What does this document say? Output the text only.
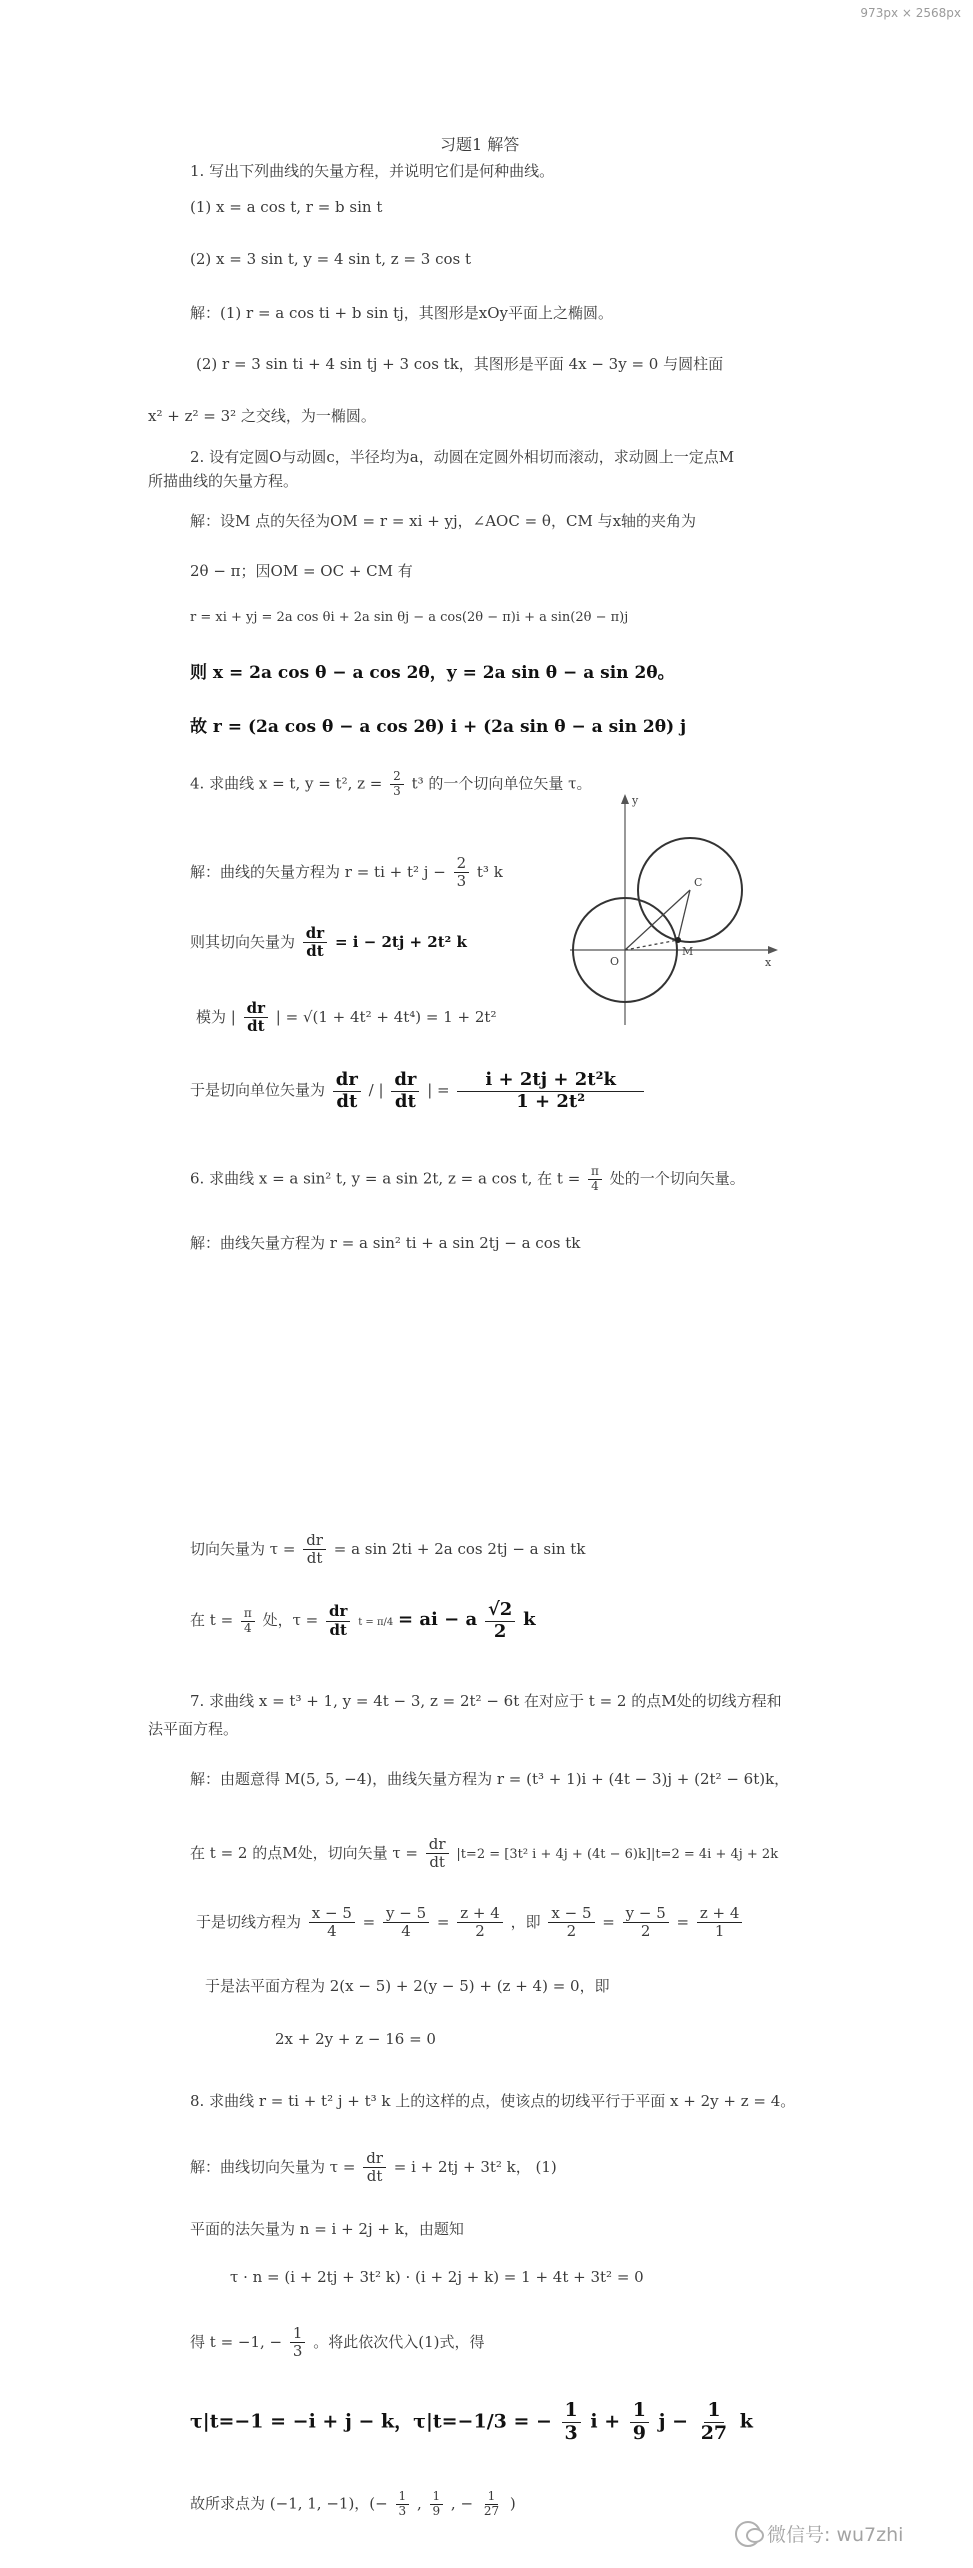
973px × 2568px
习题1 解答
1. 写出下列曲线的矢量方程，并说明它们是何种曲线。
(1) x = a cos t, r = b sin t
(2) x = 3 sin t, y = 4 sin t, z = 3 cos t
解：(1) r = a cos ti + b sin tj，其图形是xOy平面上之椭圆。
(2) r = 3 sin ti + 4 sin tj + 3 cos tk，其图形是平面 4x − 3y = 0 与圆柱面
x² + z² = 3² 之交线，为一椭圆。
2. 设有定圆O与动圆c，半径均为a，动圆在定圆外相切而滚动，求动圆上一定点M
所描曲线的矢量方程。
解：设M 点的矢径为OM = r = xi + yj，∠AOC = θ，CM 与x轴的夹角为
2θ − π；因OM = OC + CM 有
r = xi + yj = 2a cos θi + 2a sin θj − a cos(2θ − π)i + a sin(2θ − π)j
则 x = 2a cos θ − a cos 2θ，y = 2a sin θ − a sin 2θ。
故 r = (2a cos θ − a cos 2θ) i + (2a sin θ − a sin 2θ) j
4. 求曲线 x = t, y = t², $z = \frac{2}{3} t^3$ 的一个切向单位矢量 τ。
解：曲线的矢量方程为 r = ti + t² $j - \frac{2}{3} t^3$ k
则其切向矢量为 $\frac{dr}{dt} = i - 2tj + 2t^2$ k
模为 | $\frac{dr}{dt}$ | = √(1 + 4t² + 4t⁴) = 1 + 2t²
于是切向单位矢量为 $\frac{dr}{dt}$ / | $\frac{dr}{dt}$ | = $\frac{\text{i + 2tj + 2t²k}}{\text{1 + 2t²}}$
M
C
O	x
y
6. 求曲线 x = a sin² t, y = a sin 2t, z = a cos t, 在 $t = \frac{\pi}{4}$ 处的一个切向矢量。
解：曲线矢量方程为 r = a sin² ti + a sin 2tj − a cos tk
切向矢量为 $\tau = \frac{dr}{dt} = a$ sin 2ti + 2a cos 2tj − a sin tk
在 $t = \frac{\pi}{4}$ 处，$\tau = \frac{dr}{dt}$ t = π/4 = ai − a $\frac{√2}{2}$ k
7. 求曲线 x = t³ + 1, y = 4t − 3, z = 2t² − 6t 在对应于 t = 2 的点M处的切线方程和
法平面方程。
解：由题意得 M(5, 5, −4)，曲线矢量方程为 r = (t³ + 1)i + (4t − 3)j + (2t² − 6t)k，
在 t = 2 的点M处，切向矢量 $\tau = \frac{dr}{dt} |t=2 = [3t^2$ i + 4j + (4t − 6)k]|t=2 = 4i + 4j + 2k
于是切线方程为 $\frac{x - 5}{4} = \frac{y - 5}{4} = \frac{z + 4}{2}$ ，即 $\frac{x - 5}{2} = \frac{y - 5}{2} = \frac{z + 4}{1}$
于是法平面方程为 2(x − 5) + 2(y − 5) + (z + 4) = 0，即
2x + 2y + z − 16 = 0
8. 求曲线 r = ti + t² j + t³ k 上的这样的点，使该点的切线平行于平面 x + 2y + z = 4。
解：曲线切向矢量为 $\tau = \frac{dr}{dt} = i + 2tj + 3t^2$ k， (1)
平面的法矢量为 n = i + 2j + k，由题知
τ · n = (i + 2tj + 3t² k) · (i + 2j + k) = 1 + 4t + 3t² = 0
得 t = −1, − $\frac{1}{3}$ 。将此依次代入(1)式，得
τ|t=−1 = −i + j − k，τ|t=−1/3 = − $\frac{1}{3}$ $i + \frac{1}{9}$ $j - \frac{1}{27}$ k
故所求点为 (−1, 1, −1)，(− $\frac{1}{3}$ , $\frac{1}{9}$ , − $\frac{1}{27}$ )
微信号: wu7zhi
